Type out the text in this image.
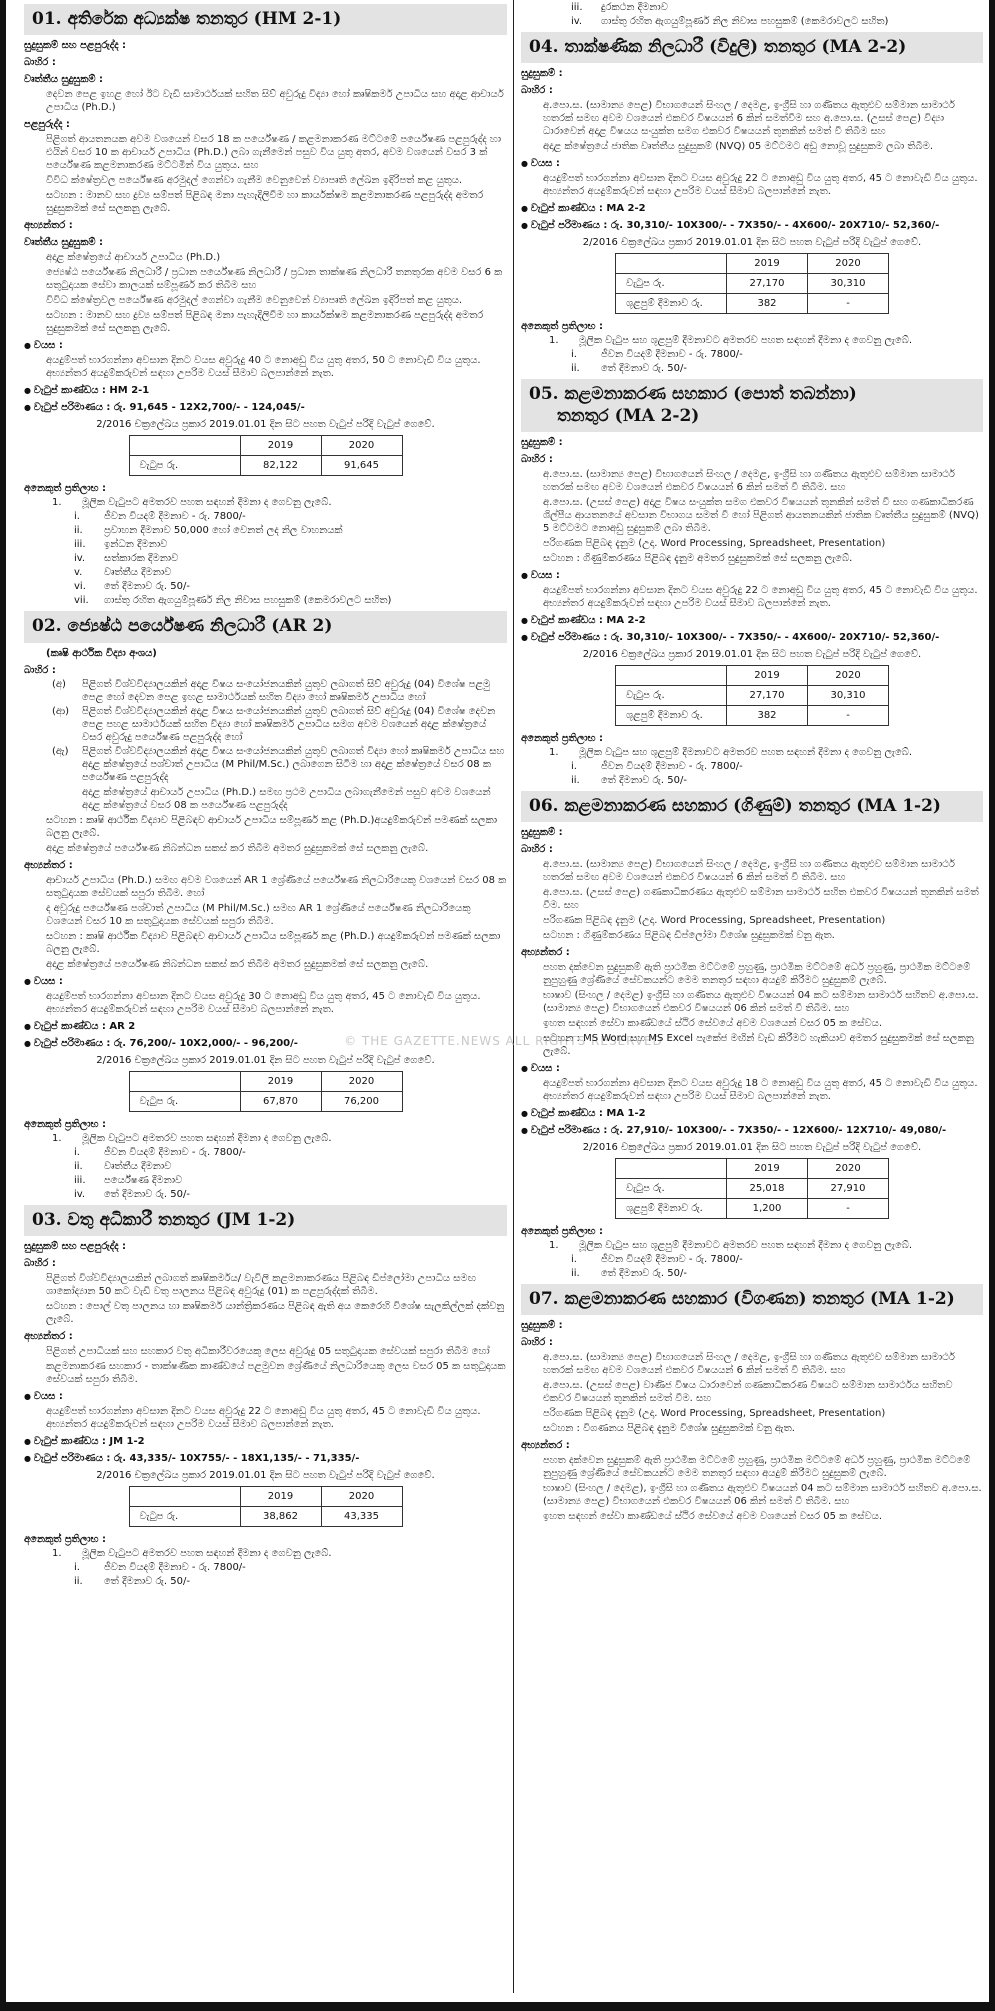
© THE GAZETTE.NEWS ALL RIGHTS RESERVED
01. අතිරේක අධ්‍යක්ෂ තනතුර (HM 2-1)
සුදුසුකම් සහ පළපුරුද්ද :
බාහිර :
වෘත්තීය සුදුසුකම් :
දෙවන පෙළ ඉහළ හෝ ඊට වැඩි සාමාර්ථයක් සහිත සිව් අවුරුදු විද්‍යා හෝ කෘෂිකර්ම උපාධිය සහ අදාළ ආචාර්ය උපාධිය (Ph.D.)
පළපුරුද්ද :
පිළිගත් ආයතනයක අවම වශයෙන් වසර 18 ක පර්යේෂණ / කළමනාකරණ මට්ටමේ පර්යේෂණ පළපුරුද්ද හා එයින් වසර 10 ක ආචාර්ය උපාධිය (Ph.D.) ලබා ගැනීමෙන් පසුව විය යුතු අතර, අවම වශයෙන් වසර 3 ක් පර්යේෂණ කළමනාකරණ මට්ටමින් විය යුතුය. සහ
විවිධ ක්ෂේත්‍රවල පර්යේෂණ අරමුදල් ගෙන්වා ගැනීම වෙනුවෙන් ව්‍යාපෘති ලේඛන ඉදිරිපත් කළ යුතුය.
සටහන : මානව සහ ද්‍රව්‍ය සම්පත් පිළිබඳ මනා පැහැදිලිවීම හා කාර්යක්ෂම කළමනාකරණ පළපුරුද්ද අමතර සුදුසුකමක් සේ සලකනු ලැබේ.
අභ්‍යන්තර :
වෘත්තීය සුදුසුකම් :
අදාළ ක්ෂේත්‍රයේ ආචාර්ය උපාධිය (Ph.D.)
ජ්‍යෙෂ්ඨ පර්යේෂණ නිලධාරී / ප්‍රධාන පර්යේෂණ නිලධාරී / ප්‍රධාන තාක්ෂණ නිලධාරී තනතුරක අවම වසර 6 ක සතුටුදායක සේවා කාලයක් සම්පූර්ණ කර තිබීම සහ
විවිධ ක්ෂේත්‍රවල පර්යේෂණ අරමුදල් ගෙන්වා ගැනීම වෙනුවෙන් ව්‍යාපෘති ලේඛන ඉදිරිපත් කළ යුතුය.
සටහන : මානව සහ ද්‍රව්‍ය සම්පත් පිළිබඳ මනා පැහැදිලිවීම හා කාර්යක්ෂම කළමනාකරණ පළපුරුද්ද අමතර සුදුසුකමක් සේ සලකනු ලැබේ.
● වයස :
අයදුම්පත් භාරගන්නා අවසාන දිනට වයස අවුරුදු 40 ට නොඅඩු විය යුතු අතර, 50 ට නොවැඩි විය යුතුය. අභ්‍යන්තර අයදුම්කරුවන් සඳහා උපරිම වයස් සීමාව බලපාන්නේ නැත.
● වැටුප් කාණ්ඩය : HM 2-1
● වැටුප් පරිමාණය : රු. 91,645 - 12X2,700/- - 124,045/-
2/2016 චක්‍රලේඛය ප්‍රකාර 2019.01.01 දින සිට පහත වැටුප් පරිදි වැටුප් ගෙවේ.
	2019	2020
වැටුප රු.	82,122	91,645
අනෙකුත් ප්‍රතිලාභ :
1.	මූලික වැටුපට අමතරව පහත සඳහන් දීමනා ද ගෙවනු ලැබේ.
i.	ජීවන වියදම් දීමනාව - රු. 7800/-
ii.	ප්‍රවාහන දීමනාව 50,000 හෝ වෙනත් ලද නිල වාහනයක්
iii.	ඉන්ධන දීමනාව
iv.	සත්කාරක දීමනාව
v.	වෘත්තීය දීමනාව
vi.	තේ දීමනාව රු. 50/-
vii.	ගාස්තු රහිත ඇගයුම්පූර්ණ නිල නිවාස පහසුකම් (කෙමරාවලට සහිත)
02. ජ්‍යෙෂ්ඨ පර්යේෂණ නිලධාරී (AR 2)
(කෘෂි ආර්ථික විද්‍යා අංශය)
බාහිර :
(අ)	පිළිගත් විශ්වවිද්‍යාලයකින් අදාළ විෂය සංයෝජනයකින් යුතුව ලබාගත් සිව් අවුරුදු (04) විශේෂ පළමු පෙළ හෝ දෙවන පෙළ ඉහළ සාමාර්ථයක් සහිත විද්‍යා හෝ කෘෂිකර්ම උපාධිය හෝ
(ආ)	පිළිගත් විශ්වවිද්‍යාලයකින් අදාළ විෂය සංයෝජනයකින් යුතුව ලබාගත් සිව් අවුරුදු (04) විශේෂ දෙවන පෙළ පහළ සාමාර්ථයක් සහිත විද්‍යා හෝ කෘෂිකර්ම උපාධිය සමග අවම වශයෙන් අදාළ ක්ෂේත්‍රයේ වසර අවුරුදු පර්යේෂණ පළපුරුද්ද හෝ
(ඇ)	පිළිගත් විශ්වවිද්‍යාලයකින් අදාළ විෂය සංයෝජනයකින් යුතුව ලබාගත් විද්‍යා හෝ කෘෂිකර්ම උපාධිය සහ අදාළ ක්ෂේත්‍රයේ පශ්චාත් උපාධිය (M Phil/M.Sc.) ලබාගෙන සිටීම හා අදාළ ක්ෂේත්‍රයේ වසර 08 ක පර්යේෂණ පළපුරුද්ද
අදාළ ක්ෂේත්‍රයේ ආචාර්ය උපාධිය (Ph.D.) සමඟ ප්‍රථම උපාධිය ලබාගැනීමෙන් පසුව අවම වශයෙන් අදාළ ක්ෂේත්‍රයේ වසර 08 ක පර්යේෂණ පළපුරුද්ද
සටහන : කෘෂි ආර්ථික විද්‍යාව පිළිබඳව ආචාර්ය උපාධිය සම්පූර්ණ කළ (Ph.D.)අයදුම්කරුවන් පමණක් සලකා බලනු ලැබේ.
අදාළ ක්ෂේත්‍රයේ පර්යේෂණ නිබන්ධන සකස් කර තිබීම අමතර සුදුසුකමක් සේ සලකනු ලැබේ.
අභ්‍යන්තර :
ආචාර්ය උපාධිය (Ph.D.) සමඟ අවම වශයෙන් AR 1 ශ්‍රේණියේ පර්යේෂණ නිලධාරියෙකු වශයෙන් වසර 08 ක සතුටුදායක සේවයක් සපුරා තිබීම. හෝ
ද අවුරුදු පර්යේෂණ පශ්චාත් උපාධිය (M Phil/M.Sc.) සමඟ AR 1 ශ්‍රේණියේ පර්යේෂණ නිලධාරියෙකු වශයෙන් වසර 10 ක සතුටුදායක සේවයක් සපුරා තිබීම.
සටහන : කෘෂි ආර්ථික විද්‍යාව පිළිබඳව ආචාර්ය උපාධිය සම්පූර්ණ කළ (Ph.D.) අයදුම්කරුවන් පමණක් සලකා බලනු ලැබේ.
අදාළ ක්ෂේත්‍රයේ පර්යේෂණ නිබන්ධන සකස් කර තිබීම අමතර සුදුසුකමක් සේ සලකනු ලැබේ.
● වයස :
අයදුම්පත් භාරගන්නා අවසාන දිනට වයස අවුරුදු 30 ට නොඅඩු විය යුතු අතර, 45 ට නොවැඩි විය යුතුය. අභ්‍යන්තර අයදුම්කරුවන් සඳහා උපරිම වයස් සීමාව බලපාන්නේ නැත.
● වැටුප් කාණ්ඩය : AR 2
● වැටුප් පරිමාණය : රු. 76,200/- 10X2,000/- - 96,200/-
2/2016 චක්‍රලේඛය ප්‍රකාර 2019.01.01 දින සිට පහත වැටුප් පරිදි වැටුප් ගෙවේ.
	2019	2020
වැටුප රු.	67,870	76,200
අනෙකුත් ප්‍රතිලාභ :
1.	මූලික වැටුපට අමතරව පහත සඳහන් දීමනා ද ගෙවනු ලැබේ.
i.	ජීවන වියදම් දීමනාව - රු. 7800/-
ii.	වෘත්තීය දීමනාව
iii.	පර්යේෂණ දීමනාව
iv.	තේ දීමනාව රු. 50/-
03. වතු අධිකාරී තනතුර (JM 1-2)
සුදුසුකම් සහ පළපුරුද්ද :
බාහිර :
පිළිගත් විශ්වවිද්‍යාලයකින් ලබාගත් කෘෂිකර්මය/ වැවිලි කළමනාකරණය පිළිබඳ ඩිප්ලෝමා උපාධිය සමඟ ශාකෝද්‍යාන 50 කට වැඩි වතු පාලනය පිළිබඳ අවුරුදු (01) ක පළපුරුද්දක් තිබීම.
සටහන : පොල් වතු පාලනය හා කෘෂිකර්ම යාන්ත්‍රිකරණය පිළිබඳ ඇති අය කෙරෙහි විශේෂ සැලකිල්ලක් දක්වනු ලැබේ.
අභ්‍යන්තර :
පිළිගත් උපාධියක් සහ සහකාර වතු අධිකාරීවරයෙකු ලෙස අවුරුදු 05 සතුටුදායක සේවයක් සපුරා තිබීම හෝ
කළමනාකරණ සහකාර - තාක්ෂණික කාණ්ඩයේ පළමුවන ශ්‍රේණියේ නිලධාරියෙකු ලෙස වසර 05 ක සතුටුදායක සේවයක් සපුරා තිබීම.
● වයස :
අයදුම්පත් භාරගන්නා අවසාන දිනට වයස අවුරුදු 22 ට නොඅඩු විය යුතු අතර, 45 ට නොවැඩි විය යුතුය. අභ්‍යන්තර අයදුම්කරුවන් සඳහා උපරිම වයස් සීමාව බලපාන්නේ නැත.
● වැටුප් කාණ්ඩය : JM 1-2
● වැටුප් පරිමාණය : රු. 43,335/- 10X755/- - 18X1,135/- - 71,335/-
2/2016 චක්‍රලේඛය ප්‍රකාර 2019.01.01 දින සිට පහත වැටුප් පරිදි වැටුප් ගෙවේ.
	2019	2020
වැටුප රු.	38,862	43,335
අනෙකුත් ප්‍රතිලාභ :
1.	මූලික වැටුපට අමතරව පහත සඳහන් දීමනා ද ගෙවනු ලැබේ.
i.	ජීවන වියදම් දීමනාව - රු. 7800/-
ii.	තේ දීමනාව රු. 50/-
iii.	දුරකථන දීමනාව
iv.	ගාස්තු රහිත ඇගයුම්පූර්ණ නිල නිවාස පහසුකම් (කෙමරාවලට සහිත)
04. තාක්ෂණික නිලධාරී (විදුලි) තනතුර (MA 2-2)
සුදුසුකම් :
බාහිර :
අ.පො.ස. (සාමාන්‍ය පෙළ) විභාගයෙන් සිංහල / දෙමළ, ඉංග්‍රීසි හා ගණිතය ඇතුළුව සම්මාන සාමාර්ථ හතරක් සමඟ අවම වශයෙන් එකවර විෂයයන් 6 කින් සමත්වීම සහ අ.පො.ස. (උසස් පෙළ) විද්‍යා ධාරාවෙන් අදාළ විෂයය සංයුක්ත සමග එකවර විෂයයන් තුනකින් සමත් වී තිබීම සහ
අදාළ ක්ෂේත්‍රයේ ජාතික වෘත්තීය සුදුසුකම් (NVQ) 05 මට්ටමට අඩු නොවූ සුදුසුකම ලබා තිබීම.
● වයස :
අයදුම්පත් භාරගන්නා අවසාන දිනට වයස අවුරුදු 22 ට නොඅඩු විය යුතු අතර, 45 ට නොවැඩි විය යුතුය. අභ්‍යන්තර අයදුම්කරුවන් සඳහා උපරිම වයස් සීමාව බලපාන්නේ නැත.
● වැටුප් කාණ්ඩය : MA 2-2
● වැටුප් පරිමාණය : රු. 30,310/- 10X300/- - 7X350/- - 4X600/- 20X710/- 52,360/-
2/2016 චක්‍රලේඛය ප්‍රකාර 2019.01.01 දින සිට පහත වැටුප් පරිදි වැටුප් ගෙවේ.
	2019	2020
වැටුප රු.	27,170	30,310
ශුළපුම් දීමනාව රු.	382	-
අනෙකුත් ප්‍රතිලාභ :
1.	මූලික වැටුප සහ ශුළපුම් දීමනාවට අමතරව පහත සඳහන් දීමනා ද ගෙවනු ලැබේ.
i.	ජීවන වියදම් දීමනාව - රු. 7800/-
ii.	තේ දීමනාව රු. 50/-
05. කළමනාකරණ සහකාර (පොත් තබන්නා)
තනතුර (MA 2-2)
සුදුසුකම් :
බාහිර :
අ.පො.ස. (සාමාන්‍ය පෙළ) විභාගයෙන් සිංහල / දෙමළ, ඉංග්‍රීසි හා ගණිතය ඇතුළුව සම්මාන සාමාර්ථ හතරක් සමඟ අවම වශයෙන් එකවර විෂයයන් 6 කින් සමත් වී තිබීම. සහ
අ.පො.ස. (උසස් පෙළ) අදාළ විෂය සංයුක්ත සමග එකවර විෂයයන් තුනකින් සමත් වී සහ ගණකාධිකරණ ශිල්පීය ආයතනයේ අවසාන විභාගය සමත් වී හෝ පිළිගත් ආයතනයකින් ජාතික වෘත්තීය සුදුසුකම් (NVQ) 5 මට්ටමට නොඅඩු සුදුසුකම් ලබා තිබීම.
පරිගණක පිළිබඳ දැනුම (උදා. Word Processing, Spreadsheet, Presentation)
සටහන : ගිණුම්කරණය පිළිබඳ දැනුම අමතර සුදුසුකමක් සේ සලකනු ලැබේ.
● වයස :
අයදුම්පත් භාරගන්නා අවසාන දිනට වයස අවුරුදු 22 ට නොඅඩු විය යුතු අතර, 45 ට නොවැඩි විය යුතුය. අභ්‍යන්තර අයදුම්කරුවන් සඳහා උපරිම වයස් සීමාව බලපාන්නේ නැත.
● වැටුප් කාණ්ඩය : MA 2-2
● වැටුප් පරිමාණය : රු. 30,310/- 10X300/- - 7X350/- - 4X600/- 20X710/- 52,360/-
2/2016 චක්‍රලේඛය ප්‍රකාර 2019.01.01 දින සිට පහත වැටුප් පරිදි වැටුප් ගෙවේ.
	2019	2020
වැටුප රු.	27,170	30,310
ශුළපුම් දීමනාව රු.	382	-
අනෙකුත් ප්‍රතිලාභ :
1.	මූලික වැටුප සහ ශුළපුම් දීමනාවට අමතරව පහත සඳහන් දීමනා ද ගෙවනු ලැබේ.
i.	ජීවන වියදම් දීමනාව - රු. 7800/-
ii.	තේ දීමනාව රු. 50/-
06. කළමනාකරණ සහකාර (ගිණුම්) තනතුර (MA 1-2)
සුදුසුකම් :
බාහිර :
අ.පො.ස. (සාමාන්‍ය පෙළ) විභාගයෙන් සිංහල / දෙමළ, ඉංග්‍රීසි හා ගණිතය ඇතුළුව සම්මාන සාමාර්ථ හතරක් සමඟ අවම වශයෙන් එකවර විෂයයන් 6 කින් සමත් වී තිබීම. සහ
අ.පො.ස. (උසස් පෙළ) ගණකාධිකරණය ඇතුළුව සම්මාන සාමාර්ථ සහිත එකවර විෂයයන් තුනකින් සමත් වීම. සහ
පරිගණක පිළිබඳ දැනුම (උදා. Word Processing, Spreadsheet, Presentation)
සටහන : ගිණුම්කරණය පිළිබඳ ඩිප්ලෝමා විශේෂ සුදුසුකමක් වනු ඇත.
අභ්‍යන්තර :
පහත දක්වෙන සුදුසුකම් ඇති ප්‍රාථමික මට්ටමේ ප්‍රහුණු, ප්‍රාථමික මට්ටමේ අර්ධ ප්‍රහුණු, ප්‍රාථමික මට්ටමේ නුපුහුණු ශ්‍රේණියේ සේවකයන්ට මෙම තනතුර සඳහා අයදුම් කිරීමට සුදුසුකම් ලැබේ.
භාෂාව (සිංහල / දෙමළ) ඉංග්‍රීසි හා ගණිතය ඇතුළුව විෂයයන් 04 කට සම්මාන සාමාර්ථ සහිතව අ.පො.ස. (සාමාන්‍ය පෙළ) විභාගයෙන් එකවර විෂයයන් 06 කින් සමත් වී තිබීම. සහ
ඉහත සඳහන් සේවා කාණ්ඩයේ ස්ථිර සේවයේ අවම වශයෙන් වසර 05 ක සේවය.
සටහන : MS Word සහ MS Excel පැකේජ මඟින් වැඩ කිරීමට හැකියාව අමතර සුදුසුකමක් සේ සලකනු ලැබේ.
● වයස :
අයදුම්පත් භාරගන්නා අවසාන දිනට වයස අවුරුදු 18 ට නොඅඩු විය යුතු අතර, 45 ට නොවැඩි විය යුතුය. අභ්‍යන්තර අයදුම්කරුවන් සඳහා උපරිම වයස් සීමාව බලපාන්නේ නැත.
● වැටුප් කාණ්ඩය : MA 1-2
● වැටුප් පරිමාණය : රු. 27,910/- 10X300/- - 7X350/- - 12X600/- 12X710/- 49,080/-
2/2016 චක්‍රලේඛය ප්‍රකාර 2019.01.01 දින සිට පහත වැටුප් පරිදි වැටුප් ගෙවේ.
	2019	2020
වැටුප රු.	25,018	27,910
ශුළපුම් දීමනාව රු.	1,200	-
අනෙකුත් ප්‍රතිලාභ :
1.	මූලික වැටුප සහ ශුළපුම් දීමනාවට අමතරව පහත සඳහන් දීමනා ද ගෙවනු ලැබේ.
i.	ජීවන වියදම් දීමනාව - රු. 7800/-
ii.	තේ දීමනාව රු. 50/-
07. කළමනාකරණ සහකාර (විගණන) තනතුර (MA 1-2)
සුදුසුකම් :
බාහිර :
අ.පො.ස. (සාමාන්‍ය පෙළ) විභාගයෙන් සිංහල / දෙමළ, ඉංග්‍රීසි හා ගණිතය ඇතුළුව සම්මාන සාමාර්ථ හතරක් සමඟ අවම වශයෙන් එකවර විෂයයන් 6 කින් සමත් වී තිබීම. සහ
අ.පො.ස. (උසස් පෙළ) වාණිජ විෂය ධාරාවෙන් ගණකාධිකරණ විෂයට සම්මාන සාමාර්ථය සහිතව එකවර විෂයයන් තුනකින් සමත් වීම. සහ
පරිගණක පිළිබඳ දැනුම (උදා. Word Processing, Spreadsheet, Presentation)
සටහන : විගණනය පිළිබඳ දැනුම විශේෂ සුදුසුකමක් වනු ඇත.
අභ්‍යන්තර :
පහත දක්වෙන සුදුසුකම් ඇති ප්‍රාථමික මට්ටමේ ප්‍රහුණු, ප්‍රාථමික මට්ටමේ අර්ධ ප්‍රහුණු, ප්‍රාථමික මට්ටමේ නුපුහුණු ශ්‍රේණියේ සේවකයන්ට මෙම තනතුර සඳහා අයදුම් කිරීමට සුදුසුකම් ලැබේ.
භාෂාව (සිංහල / දෙමළ), ඉංග්‍රීසි හා ගණිතය ඇතුළුව විෂයයන් 04 කට සම්මාන සාමාර්ථ සහිතව අ.පො.ස. (සාමාන්‍ය පෙළ) විභාගයෙන් එකවර විෂයයන් 06 කින් සමත් වී තිබීම. සහ
ඉහත සඳහන් සේවා කාණ්ඩයේ ස්ථිර සේවයේ අවම වශයෙන් වසර 05 ක සේවය.
